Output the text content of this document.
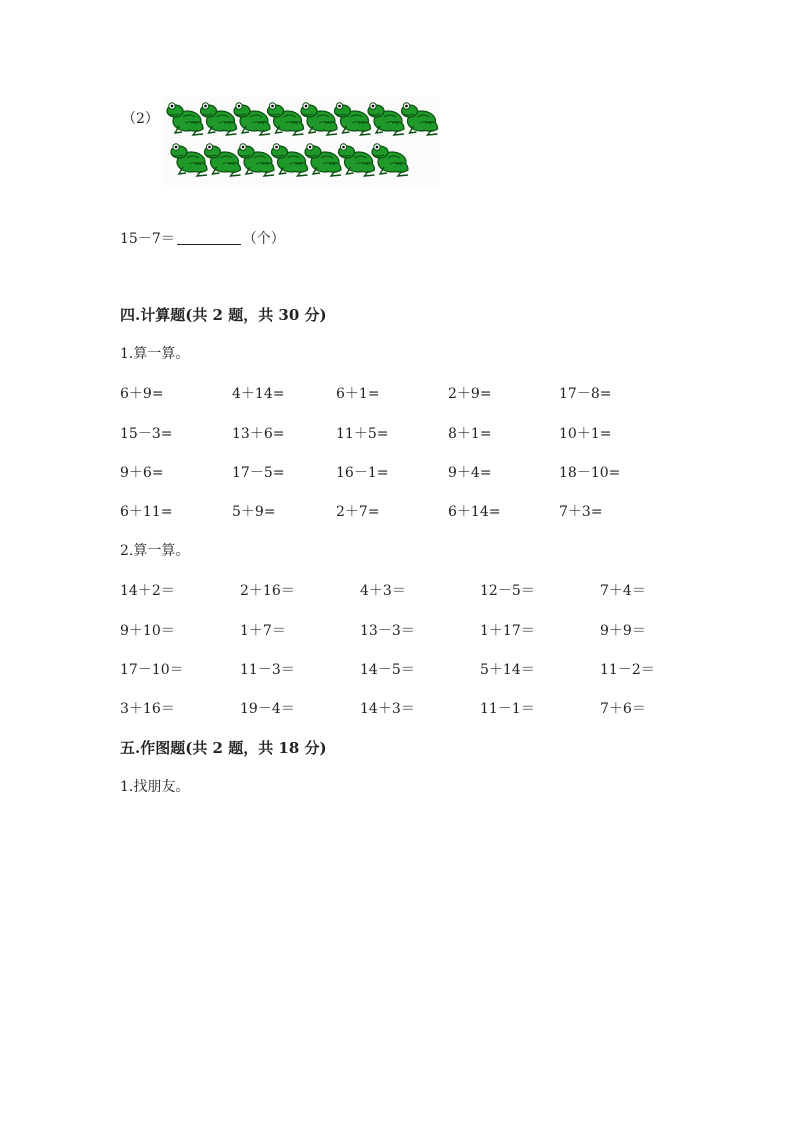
（2）
15－7＝	（个）
四.计算题(共 2 题，共 30 分)
1.算一算。
6＋9=	4＋14=	6＋1=	2＋9=	17－8=
15－3=	13＋6=	11＋5=	8＋1=	10＋1=
9＋6=	17－5=	16－1=	9＋4=	18－10=
6＋11=	5＋9=	2＋7=	6＋14=	7＋3=
2.算一算。
14＋2＝	2＋16＝	4＋3＝	12－5＝	7＋4＝
9＋10＝	1＋7＝	13－3＝	1＋17＝	9＋9＝
17－10＝	11－3＝	14－5＝	5＋14＝	11－2＝
3＋16＝	19－4＝	14＋3＝	11－1＝	7＋6＝
五.作图题(共 2 题，共 18 分)
1.找朋友。
